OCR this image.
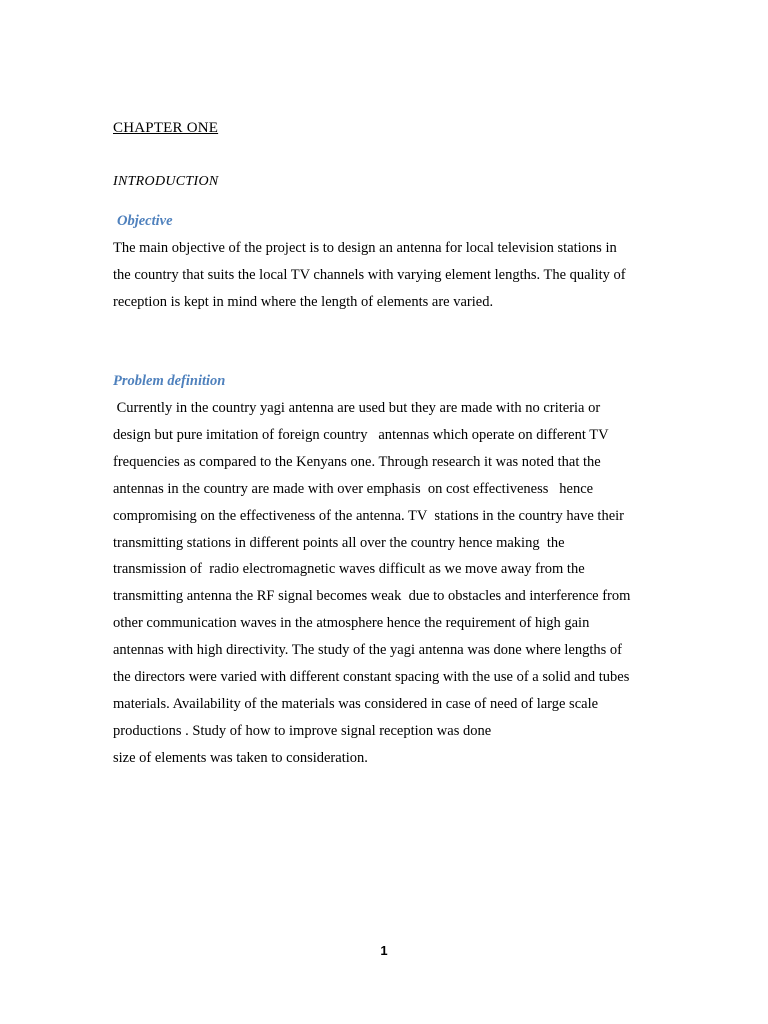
CHAPTER ONE
INTRODUCTION
Objective
The main objective of the project is to design an antenna for local television stations in
the country that suits the local TV channels with varying element lengths. The quality of
reception is kept in mind where the length of elements are varied.
Problem definition
Currently in the country yagi antenna are used but they are made with no criteria or
design but pure imitation of foreign country   antennas which operate on different TV
frequencies as compared to the Kenyans one. Through research it was noted that the
antennas in the country are made with over emphasis  on cost effectiveness   hence
compromising on the effectiveness of the antenna. TV  stations in the country have their
transmitting stations in different points all over the country hence making  the
transmission of  radio electromagnetic waves difficult as we move away from the
transmitting antenna the RF signal becomes weak  due to obstacles and interference from
other communication waves in the atmosphere hence the requirement of high gain
antennas with high directivity. The study of the yagi antenna was done where lengths of
the directors were varied with different constant spacing with the use of a solid and tubes
materials. Availability of the materials was considered in case of need of large scale
productions . Study of how to improve signal reception was done
size of elements was taken to consideration.
1
